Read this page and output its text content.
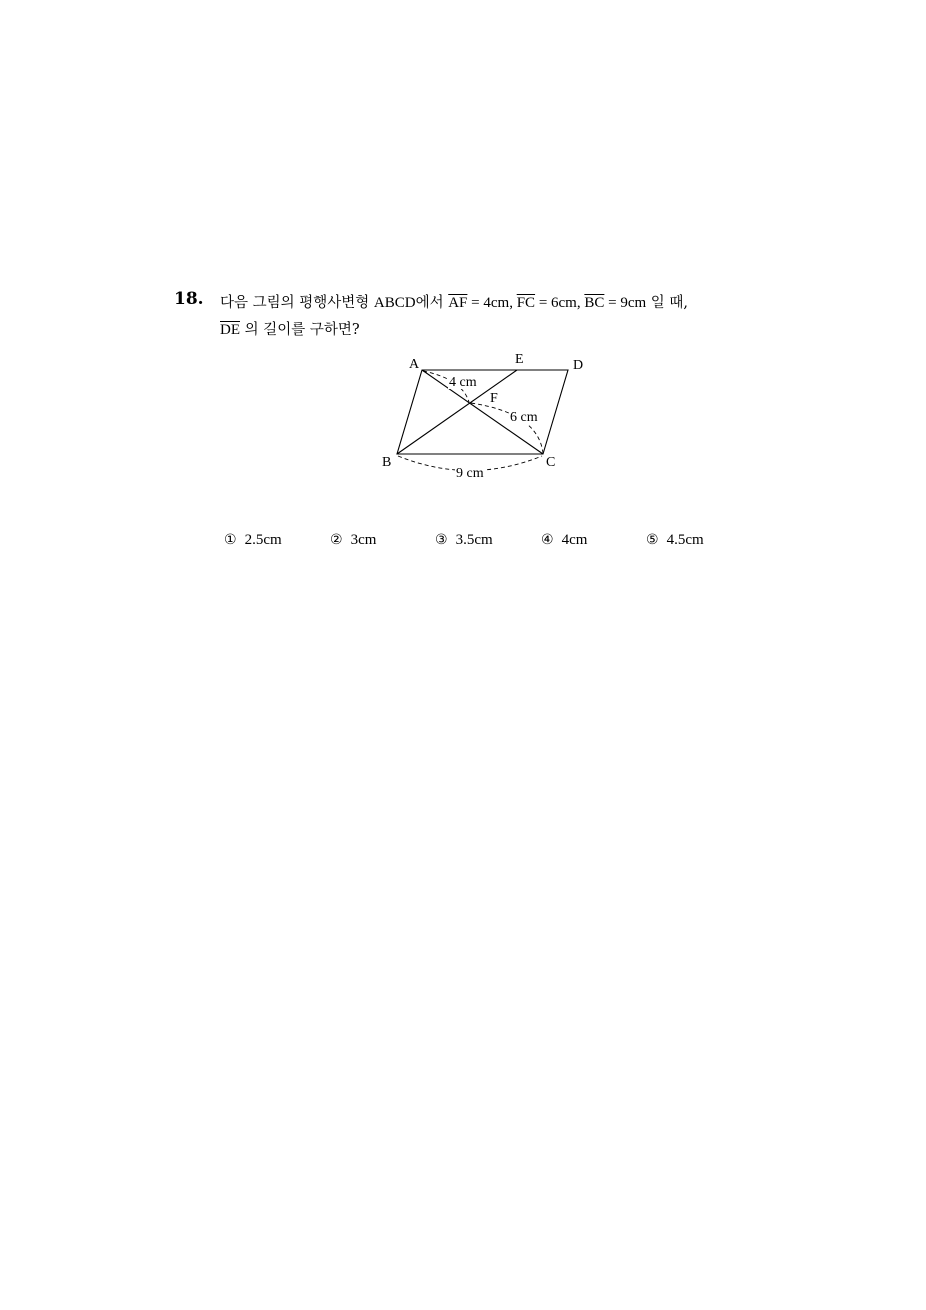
18. 다음 그림의 평행사변형 ABCD에서 $\overline{AF} = 4cm$, $\overline{FC} = 6cm$, $\overline{BC} = 9cm$ 일 때,
$\overline{DE}$ 의 길이를 구하면?
A	E	D
F
B	C
4 cm
6 cm
9 cm
① 2.5cm	② 3cm	③ 3.5cm	④ 4cm	⑤ 4.5cm
